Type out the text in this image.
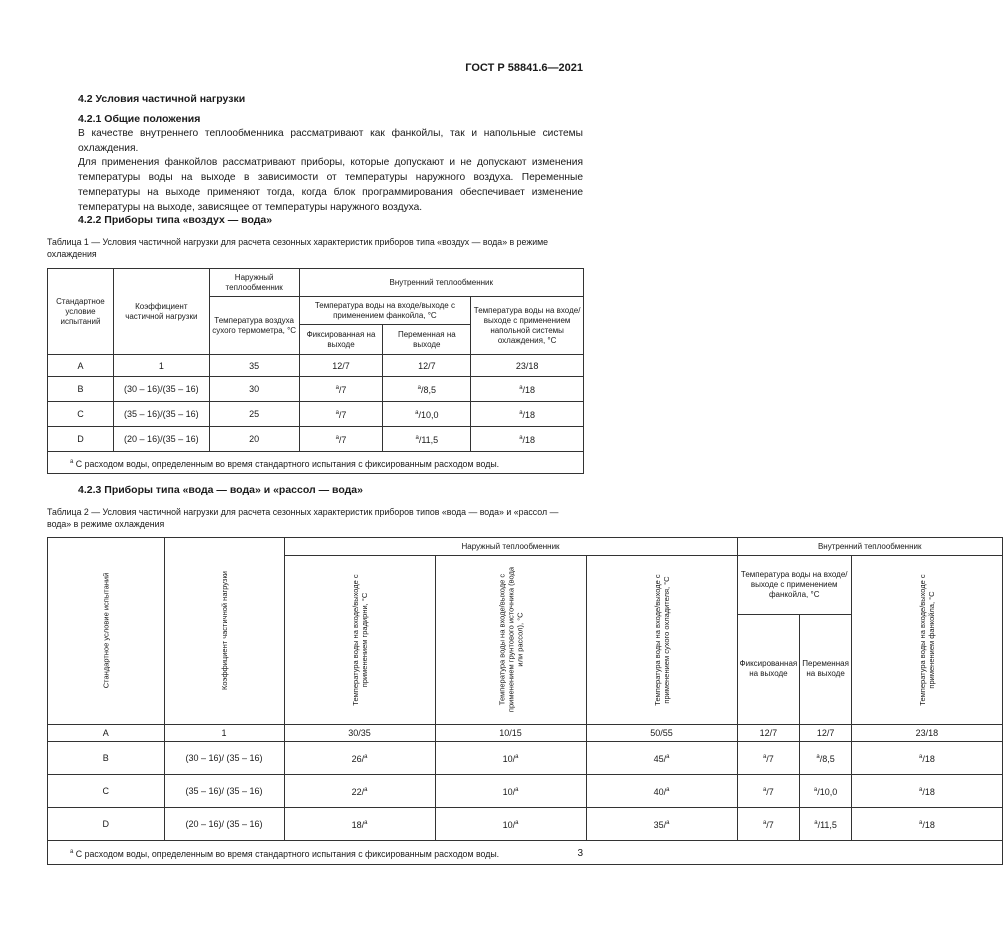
ГОСТ Р 58841.6—2021
4.2 Условия частичной нагрузки
4.2.1 Общие положения
В качестве внутреннего теплообменника рассматривают как фанкойлы, так и напольные системы охлаждения.
Для применения фанкойлов рассматривают приборы, которые допускают и не допускают изменения температуры воды на выходе в зависимости от температуры наружного воздуха. Переменные температуры на выходе применяют тогда, когда блок программирования обеспечивает изменение температуры на выходе, зависящее от температуры наружного воздуха.
4.2.2 Приборы типа «воздух — вода»
Таблица 1 — Условия частичной нагрузки для расчета сезонных характеристик приборов типа «воздух — вода» в режиме охлаждения
Стандартное условие испытаний	Коэффициент частичной нагрузки	Наружный теплообменник	Внутренний теплообменник		
		Температура воздуха сухого термометра, °С	Температура воды на входе/выходе с применением фанкойла, °С		Температура воды на входе/выходе с применением напольной системы охлаждения, °С
			Фиксированная на выходе	Переменная на выходе	
A	1	35	12/7	12/7	23/18
B	(30 – 16)/(35 – 16)	30	$^a$/7	$^a$/8,5	$^a$/18
C	(35 – 16)/(35 – 16)	25	$^a$/7	$^a$/10,0	$^a$/18
D	(20 – 16)/(35 – 16)	20	$^a$/7	$^a$/11,5	$^a$/18
$^a$ С расходом воды, определенным во время стандартного испытания с фиксированным расходом воды.					
4.2.3 Приборы типа «вода — вода» и «рассол — вода»
Таблица 2 — Условия частичной нагрузки для расчета сезонных характеристик приборов типов «вода — вода» и «рассол — вода» в режиме охлаждения
Стандартное условие испытаний	Коэффициент частичной нагрузки	Наружный теплообменник			Внутренний теплообменник		
		Температура воды на входе/выходе с применением градирни, °С	Температура воды на входе/выходе с применением грунтового источника (вода или рассол), °С	Температура воды на входе/выходе с применением сухого охладителя, °С	Температура воды на входе/выходе с применением фанкойла, °С		Температура воды на входе/выходе с применением фанкойла, °С
					Фиксированная на выходе	Переменная на выходе	
A	1	30/35	10/15	50/55	12/7	12/7	23/18
B	(30 – 16)/ (35 – 16)	26/$^a$	10/$^a$	45/$^a$	$^a$/7	$^a$/8,5	$^a$/18
C	(35 – 16)/ (35 – 16)	22/$^a$	10/$^a$	40/$^a$	$^a$/7	$^a$/10,0	$^a$/18
D	(20 – 16)/ (35 – 16)	18/$^a$	10/$^a$	35/$^a$	$^a$/7	$^a$/11,5	$^a$/18
$^a$ С расходом воды, определенным во время стандартного испытания с фиксированным расходом воды.								3
